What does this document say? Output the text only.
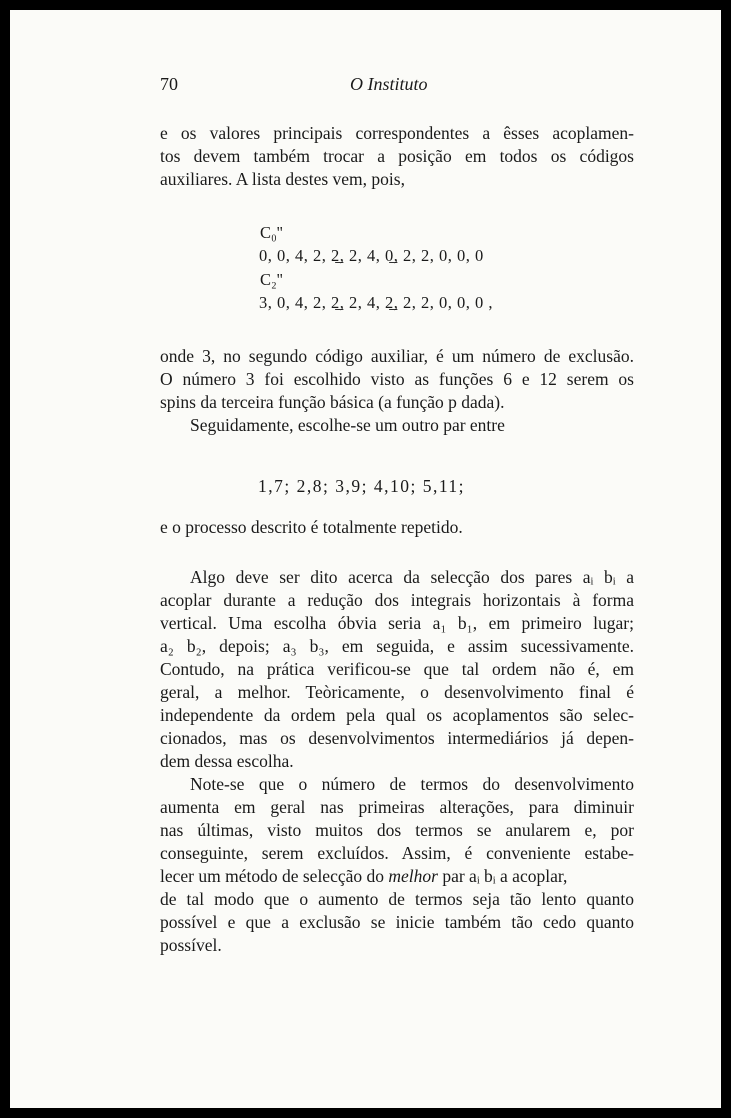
70	O Instituto
e os valores principais correspondentes a êsses acoplamen-
tos devem também trocar a posição em todos os códigos
auxiliares. A lista destes vem, pois,
C₀''
0, 0, 4, 2, 2̲, 2, 4, 0̲, 2, 2, 0, 0, 0
C₂''
3, 0, 4, 2, 2̲, 2, 4, 2̲, 2, 2, 0, 0, 0 ,
onde 3, no segundo código auxiliar, é um número de exclusão.
O número 3 foi escolhido visto as funções 6 e 12 serem os
spins da terceira função básica (a função p dada).
Seguidamente, escolhe-se um outro par entre
1,7; 2,8; 3,9; 4,10; 5,11;
e o processo descrito é totalmente repetido.
Algo deve ser dito acerca da selecção dos pares aᵢ bᵢ a
acoplar durante a redução dos integrais horizontais à forma
vertical. Uma escolha óbvia seria a₁ b₁, em primeiro lugar;
a₂ b₂, depois; a₃ b₃, em seguida, e assim sucessivamente.
Contudo, na prática verificou-se que tal ordem não é, em
geral, a melhor. Teòricamente, o desenvolvimento final é
independente da ordem pela qual os acoplamentos são selec-
cionados, mas os desenvolvimentos intermediários já depen-
dem dessa escolha.
Note-se que o número de termos do desenvolvimento
aumenta em geral nas primeiras alterações, para diminuir
nas últimas, visto muitos dos termos se anularem e, por
conseguinte, serem excluídos. Assim, é conveniente estabe-
lecer um método de selecção do melhor par aᵢ bᵢ a acoplar,
de tal modo que o aumento de termos seja tão lento quanto
possível e que a exclusão se inicie também tão cedo quanto
possível.
